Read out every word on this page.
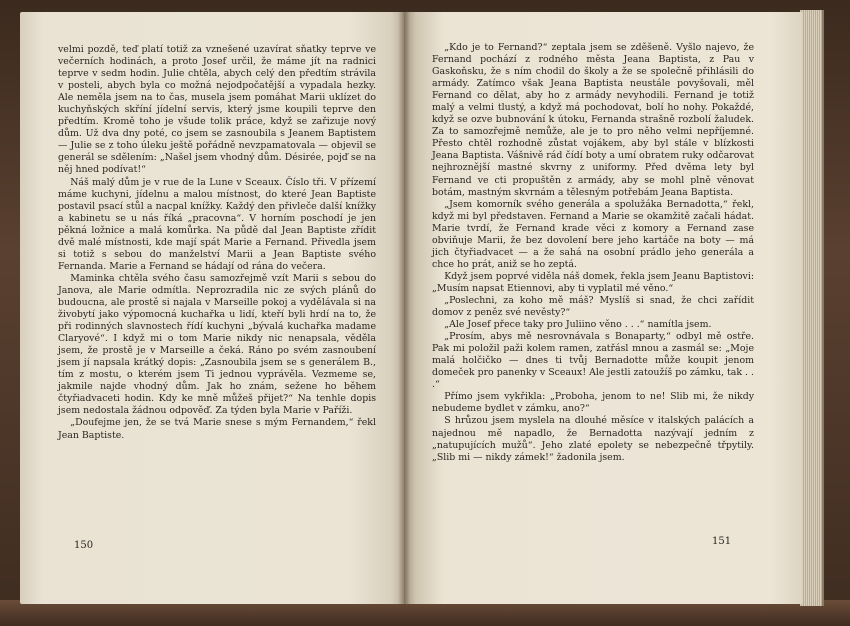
velmi pozdě, teď platí totiž za vznešené uzavírat sňatky teprve ve večerních hodinách, a proto Josef určil, že máme jít na radnici teprve v sedm hodin. Julie chtěla, abych celý den předtím strávila v posteli, abych byla co možná nejodpočatější a vypadala hezky. Ale neměla jsem na to čas, musela jsem pomáhat Marii uklízet do kuchyňských skříní jídelní servis, který jsme koupili teprve den předtím. Kromě toho je všude tolik práce, když se zařizuje nový dům. Už dva dny poté, co jsem se zasnoubila s Jeanem Baptistem — Julie se z toho úleku ještě pořádně nevzpamatovala — objevil se generál se sdělením: „Našel jsem vhodný dům. Désirée, pojď se na něj hned podívat!“

Náš malý dům je v rue de la Lune v Sceaux. Číslo tři. V přízemí máme kuchyni, jídelnu a malou místnost, do které Jean Baptiste postavil psací stůl a nacpal knížky. Každý den přivleče další knížky a kabinetu se u nás říká „pracovna“. V horním poschodí je jen pěkná ložnice a malá komůrka. Na půdě dal Jean Baptiste zřídit dvě malé místnosti, kde mají spát Marie a Fernand. Přivedla jsem si totiž s sebou do manželství Marii a Jean Baptiste svého Fernanda. Marie a Fernand se hádají od rána do večera.

Maminka chtěla svého času samozřejmě vzít Marii s sebou do Janova, ale Marie odmítla. Neprozradila nic ze svých plánů do budoucna, ale prostě si najala v Marseille pokoj a vydělávala si na živobytí jako výpomocná kuchařka u lidí, kteří byli hrdí na to, že při rodinných slavnostech řídí kuchyni „bývalá kuchařka madame Claryové“. I když mi o tom Marie nikdy nic nenapsala, věděla jsem, že prostě je v Marseille a čeká. Ráno po svém zasnoubení jsem jí napsala krátký dopis: „Zasnoubila jsem se s generálem B., tím z mostu, o kterém jsem Ti jednou vyprávěla. Vezmeme se, jakmile najde vhodný dům. Jak ho znám, sežene ho během čtyřiadvaceti hodin. Kdy ke mně můžeš přijet?“ Na tenhle dopis jsem nedostala žádnou odpověď. Za týden byla Marie v Paříži.

„Doufejme jen, že se tvá Marie snese s mým Fernandem,“ řekl Jean Baptiste.

150

„Kdo je to Fernand?“ zeptala jsem se zděšeně. Vyšlo najevo, že Fernand pochází z rodného města Jeana Baptista, z Pau v Gaskoňsku, že s ním chodil do školy a že se společně přihlásili do armády. Zatímco však Jeana Baptista neustále povyšovali, měl Fernand co dělat, aby ho z armády nevyhodili. Fernand je totiž malý a velmi tlustý, a když má pochodovat, bolí ho nohy. Pokaždé, když se ozve bubnování k útoku, Fernanda strašně rozbolí žaludek. Za to samozřejmě nemůže, ale je to pro něho velmi nepříjemné. Přesto chtěl rozhodně zůstat vojákem, aby byl stále v blízkosti Jeana Baptista. Vášnivě rád čídí boty a umí obratem ruky odčarovat nejhroznější mastné skvrny z uniformy. Před dvěma lety byl Fernand ve cti propuštěn z armády, aby se mohl plně věnovat botám, mastným skvrnám a tělesným potřebám Jeana Baptista.

„Jsem komorník svého generála a spolužáka Bernadotta,“ řekl, když mi byl představen. Fernand a Marie se okamžitě začali hádat. Marie tvrdí, že Fernand krade věci z komory a Fernand zase obviňuje Marii, že bez dovolení bere jeho kartáče na boty — má jich čtyřiadvacet — a že sahá na osobní prádlo jeho generála a chce ho prát, aniž se ho zeptá.

Když jsem poprvé viděla náš domek, řekla jsem Jeanu Baptistovi: „Musím napsat Etiennovi, aby ti vyplatil mé věno.“

„Poslechni, za koho mě máš? Myslíš si snad, že chci zařídit domov z peněz své nevěsty?“

„Ale Josef přece taky pro Juliino věno . . .“ namítla jsem.

„Prosím, abys mě nesrovnávala s Bonaparty,“ odbyl mě ostře. Pak mi položil paži kolem ramen, zatřásl mnou a zasmál se: „Moje malá holčičko — dnes ti tvůj Bernadotte může koupit jenom domeček pro panenky v Sceaux! Ale jestli zatoužíš po zámku, tak . . .“

Přímo jsem vykřikla: „Proboha, jenom to ne! Slib mi, že nikdy nebudeme bydlet v zámku, ano?“

S hrůzou jsem myslela na dlouhé měsíce v italských palácích a najednou mě napadlo, že Bernadotta nazývají jedním z „natupujících mužů“. Jeho zlaté epolety se nebezpečně třpytily. „Slib mi — nikdy zámek!“ žadonila jsem.

151
